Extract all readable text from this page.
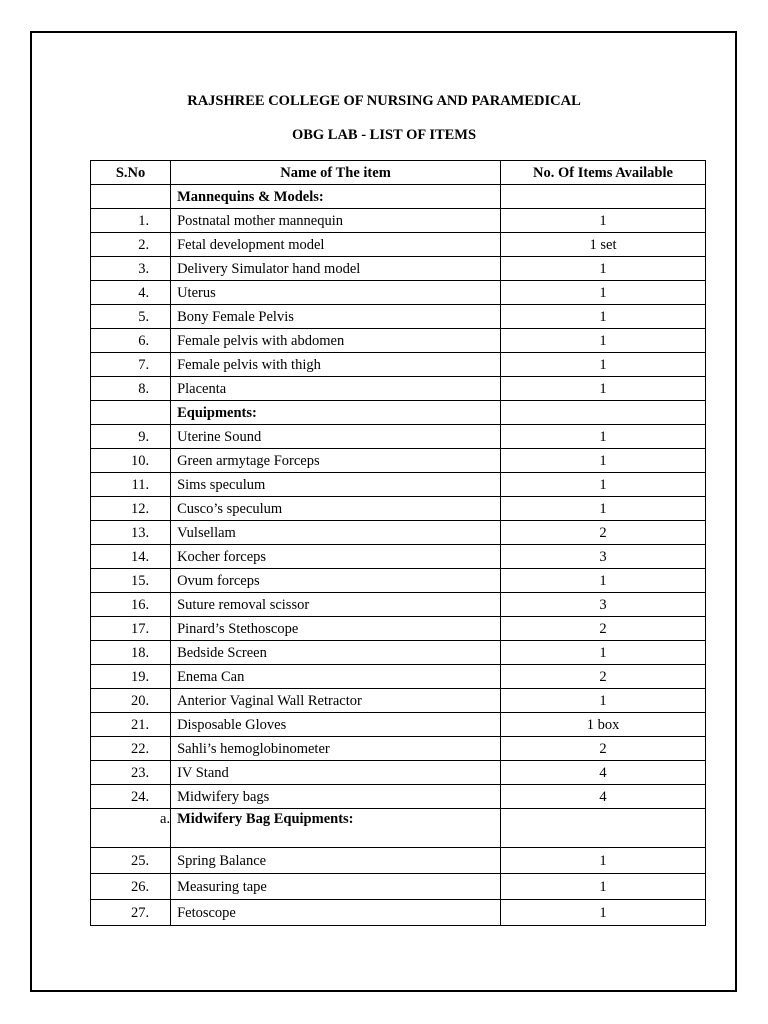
RAJSHREE COLLEGE OF NURSING AND PARAMEDICAL
OBG LAB - LIST OF ITEMS
S.No	Name of The item	No. Of Items Available
	Mannequins & Models:	
1.	Postnatal mother mannequin	1
2.	Fetal development model	1 set
3.	Delivery Simulator hand model	1
4.	Uterus	1
5.	Bony Female Pelvis	1
6.	Female pelvis with abdomen	1
7.	Female pelvis with thigh	1
8.	Placenta	1
	Equipments:	
9.	Uterine Sound	1
10.	Green armytage Forceps	1
11.	Sims speculum	1
12.	Cusco’s speculum	1
13.	Vulsellam	2
14.	Kocher forceps	3
15.	Ovum forceps	1
16.	Suture removal scissor	3
17.	Pinard’s Stethoscope	2
18.	Bedside Screen	1
19.	Enema Can	2
20.	Anterior Vaginal Wall Retractor	1
21.	Disposable Gloves	1 box
22.	Sahli’s hemoglobinometer	2
23.	IV Stand	4
24.	Midwifery bags	4
a.	Midwifery Bag Equipments:	
25.	Spring Balance	1
26.	Measuring tape	1
27.	Fetoscope	1
